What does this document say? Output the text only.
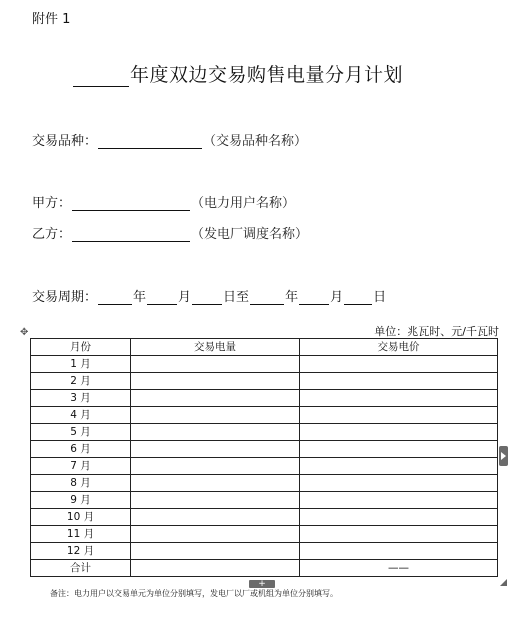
附件 1
年度双边交易购售电量分月计划
交易品种：	（交易品种名称）
甲方：	（电力用户名称）
乙方：	（发电厂调度名称）
交易周期：	年 月 日至	年 月 日
✥	单位：兆瓦时、元/千瓦时
月份	交易电量	交易电价
1 月		
2 月		
3 月		
4 月		
5 月		
6 月		
7 月		
8 月		
9 月		
10 月		
11 月		
12 月		
合计		——
+
备注：电力用户以交易单元为单位分别填写，发电厂以厂或机组为单位分别填写。
